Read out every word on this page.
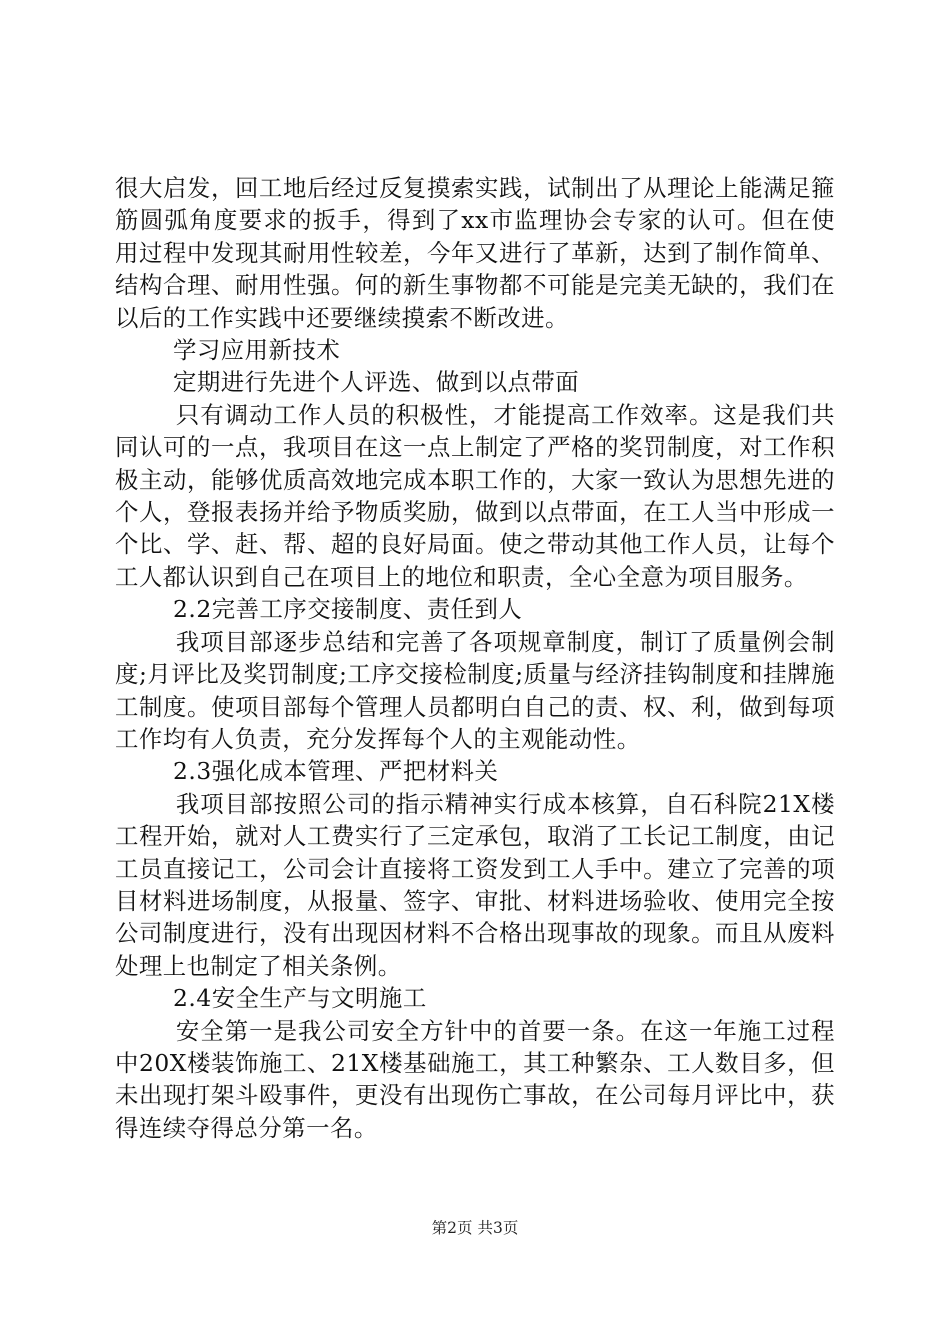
很大启发，回工地后经过反复摸索实践，试制出了从理论上能满足箍筋圆弧角度要求的扳手，得到了xx市监理协会专家的认可。但在使用过程中发现其耐用性较差，今年又进行了革新，达到了制作简单、结构合理、耐用性强。何的新生事物都不可能是完美无缺的，我们在以后的工作实践中还要继续摸索不断改进。

学习应用新技术

定期进行先进个人评选、做到以点带面

只有调动工作人员的积极性，才能提高工作效率。这是我们共同认可的一点，我项目在这一点上制定了严格的奖罚制度，对工作积极主动，能够优质高效地完成本职工作的，大家一致认为思想先进的个人，登报表扬并给予物质奖励，做到以点带面，在工人当中形成一个比、学、赶、帮、超的良好局面。使之带动其他工作人员，让每个工人都认识到自己在项目上的地位和职责，全心全意为项目服务。

2.2完善工序交接制度、责任到人

我项目部逐步总结和完善了各项规章制度，制订了质量例会制度;月评比及奖罚制度;工序交接检制度;质量与经济挂钩制度和挂牌施工制度。使项目部每个管理人员都明白自己的责、权、利，做到每项工作均有人负责，充分发挥每个人的主观能动性。

2.3强化成本管理、严把材料关

我项目部按照公司的指示精神实行成本核算，自石科院21X楼工程开始，就对人工费实行了三定承包，取消了工长记工制度，由记工员直接记工，公司会计直接将工资发到工人手中。建立了完善的项目材料进场制度，从报量、签字、审批、材料进场验收、使用完全按公司制度进行，没有出现因材料不合格出现事故的现象。而且从废料处理上也制定了相关条例。

2.4安全生产与文明施工

安全第一是我公司安全方针中的首要一条。在这一年施工过程中20X楼装饰施工、21X楼基础施工，其工种繁杂、工人数目多，但未出现打架斗殴事件，更没有出现伤亡事故，在公司每月评比中，获得连续夺得总分第一名。

第2页 共3页
